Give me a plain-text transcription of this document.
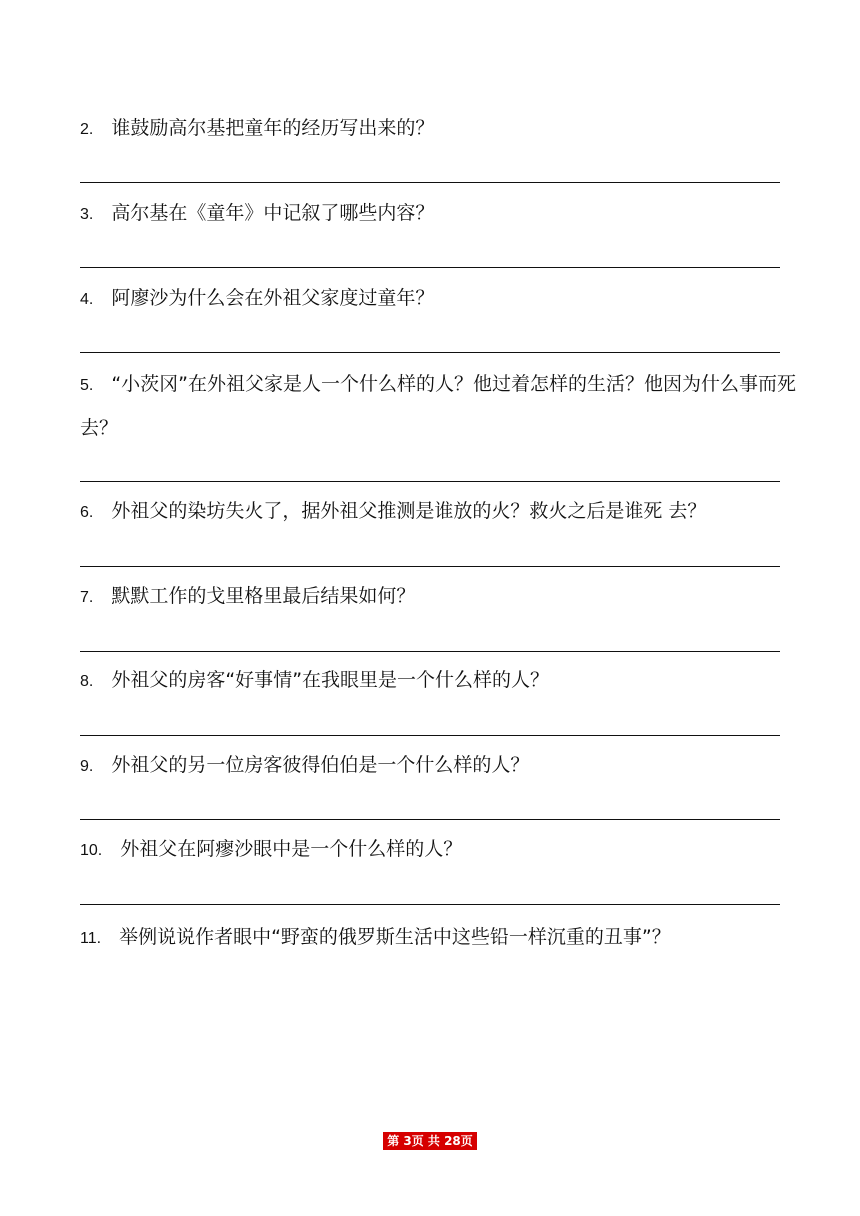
2. 谁鼓励高尔基把童年的经历写出来的？
3. 高尔基在《童年》中记叙了哪些内容？
4. 阿廖沙为什么会在外祖父家度过童年？
5. “小茨冈”在外祖父家是人一个什么样的人？他过着怎样的生活？他因为什么事而死去？
6. 外祖父的染坊失火了，据外祖父推测是谁放的火？救火之后是谁死 去？
7. 默默工作的戈里格里最后结果如何？
8. 外祖父的房客“好事情”在我眼里是一个什么样的人？
9. 外祖父的另一位房客彼得伯伯是一个什么样的人？
10. 外祖父在阿瘳沙眼中是一个什么样的人？
11. 举例说说作者眼中“野蛮的俄罗斯生活中这些铅一样沉重的丑事”？
第 3页 共 28页
